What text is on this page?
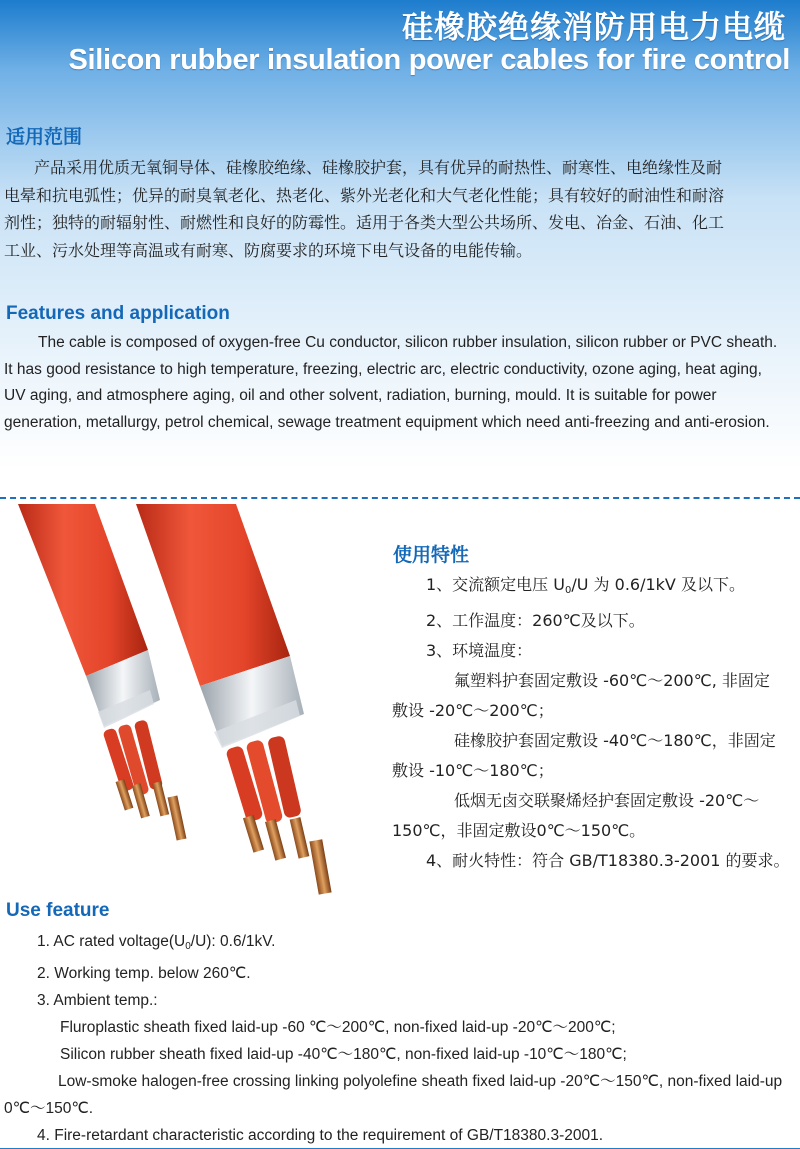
硅橡胶绝缘消防用电力电缆
Silicon rubber insulation power cables for fire control
适用范围
产品采用优质无氧铜导体、硅橡胶绝缘、硅橡胶护套，具有优异的耐热性、耐寒性、电绝缘性及耐
电晕和抗电弧性；优异的耐臭氧老化、热老化、紫外光老化和大气老化性能；具有较好的耐油性和耐溶
剂性；独特的耐辐射性、耐燃性和良好的防霉性。适用于各类大型公共场所、发电、冶金、石油、化工
工业、污水处理等高温或有耐寒、防腐要求的环境下电气设备的电能传输。
Features and application
The cable is composed of oxygen-free Cu conductor, silicon rubber insulation, silicon rubber or PVC sheath.
It has good resistance to high temperature, freezing, electric arc, electric conductivity, ozone aging, heat aging,
UV aging, and atmosphere aging, oil and other solvent, radiation, burning, mould. It is suitable for power
generation, metallurgy, petrol chemical, sewage treatment equipment which need anti-freezing and anti-erosion.
使用特性
1、交流额定电压 $U_0/U$ 为 0.6/1kV 及以下。
2、工作温度：260℃及以下。
3、环境温度：
氟塑料护套固定敷设 -60℃～200℃, 非固定
敷设 -20℃～200℃；
硅橡胶护套固定敷设 -40℃～180℃，非固定
敷设 -10℃～180℃；
低烟无卤交联聚烯烃护套固定敷设 -20℃～
150℃，非固定敷设0℃～150℃。
4、耐火特性：符合 GB/T18380.3-2001 的要求。
Use feature
1. AC rated $voltage(U_0/U)$: 0.6/1kV.
2. Working temp. below 260℃.
3. Ambient temp.:
Fluroplastic sheath fixed laid-up -60 ℃～200℃, non-fixed laid-up -20℃～200℃;
Silicon rubber sheath fixed laid-up -40℃～180℃, non-fixed laid-up -10℃～180℃;
Low-smoke halogen-free crossing linking polyolefine sheath fixed laid-up -20℃～150℃, non-fixed laid-up
0℃～150℃.
4. Fire-retardant characteristic according to the requirement of GB/T18380.3-2001.
